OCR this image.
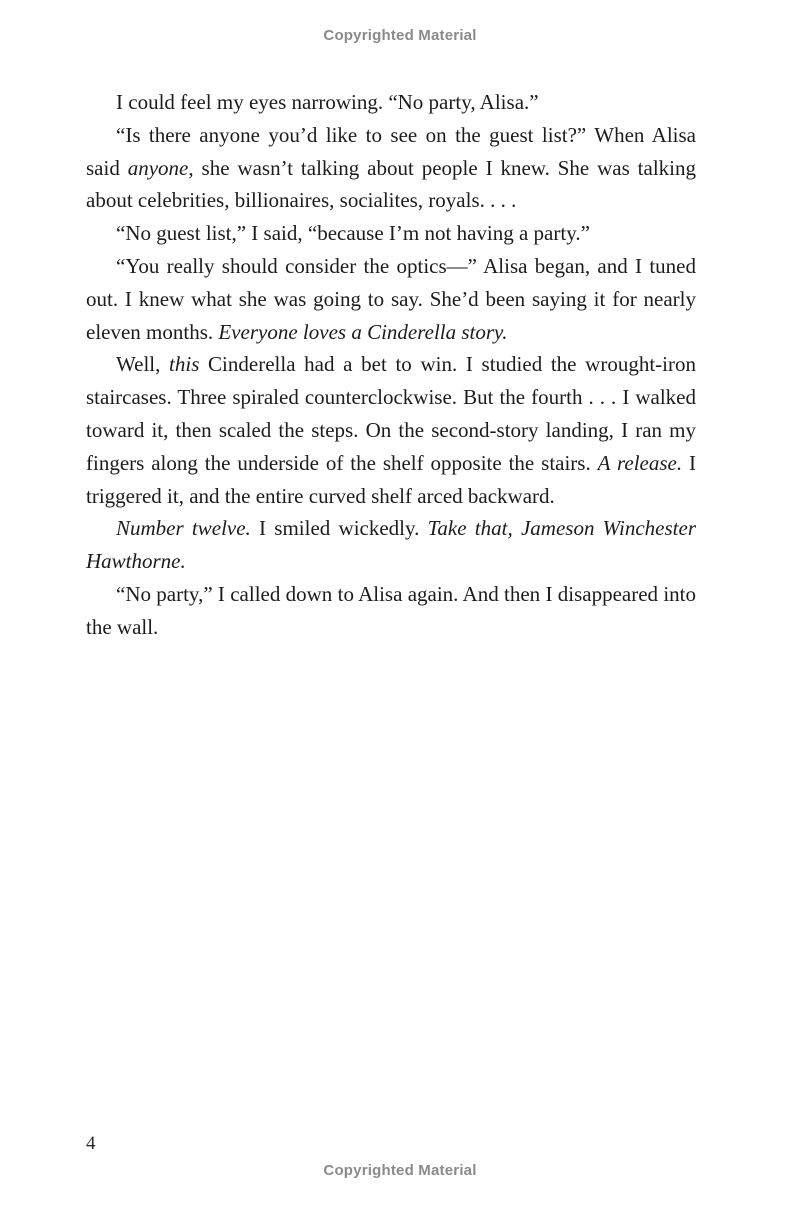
Copyrighted Material

I could feel my eyes narrowing. “No party, Alisa.”

“Is there anyone you’d like to see on the guest list?” When Alisa said anyone, she wasn’t talking about people I knew. She was talking about celebrities, billionaires, socialites, royals. . . .

“No guest list,” I said, “because I’m not having a party.”

“You really should consider the optics—” Alisa began, and I tuned out. I knew what she was going to say. She’d been saying it for nearly eleven months. Everyone loves a Cinderella story.

Well, this Cinderella had a bet to win. I studied the wrought-iron staircases. Three spiraled counterclockwise. But the fourth . . . I walked toward it, then scaled the steps. On the second-story landing, I ran my fingers along the underside of the shelf opposite the stairs. A release. I triggered it, and the entire curved shelf arced backward.

Number twelve. I smiled wickedly. Take that, Jameson Winchester Hawthorne.

“No party,” I called down to Alisa again. And then I disappeared into the wall.

4
Copyrighted Material
